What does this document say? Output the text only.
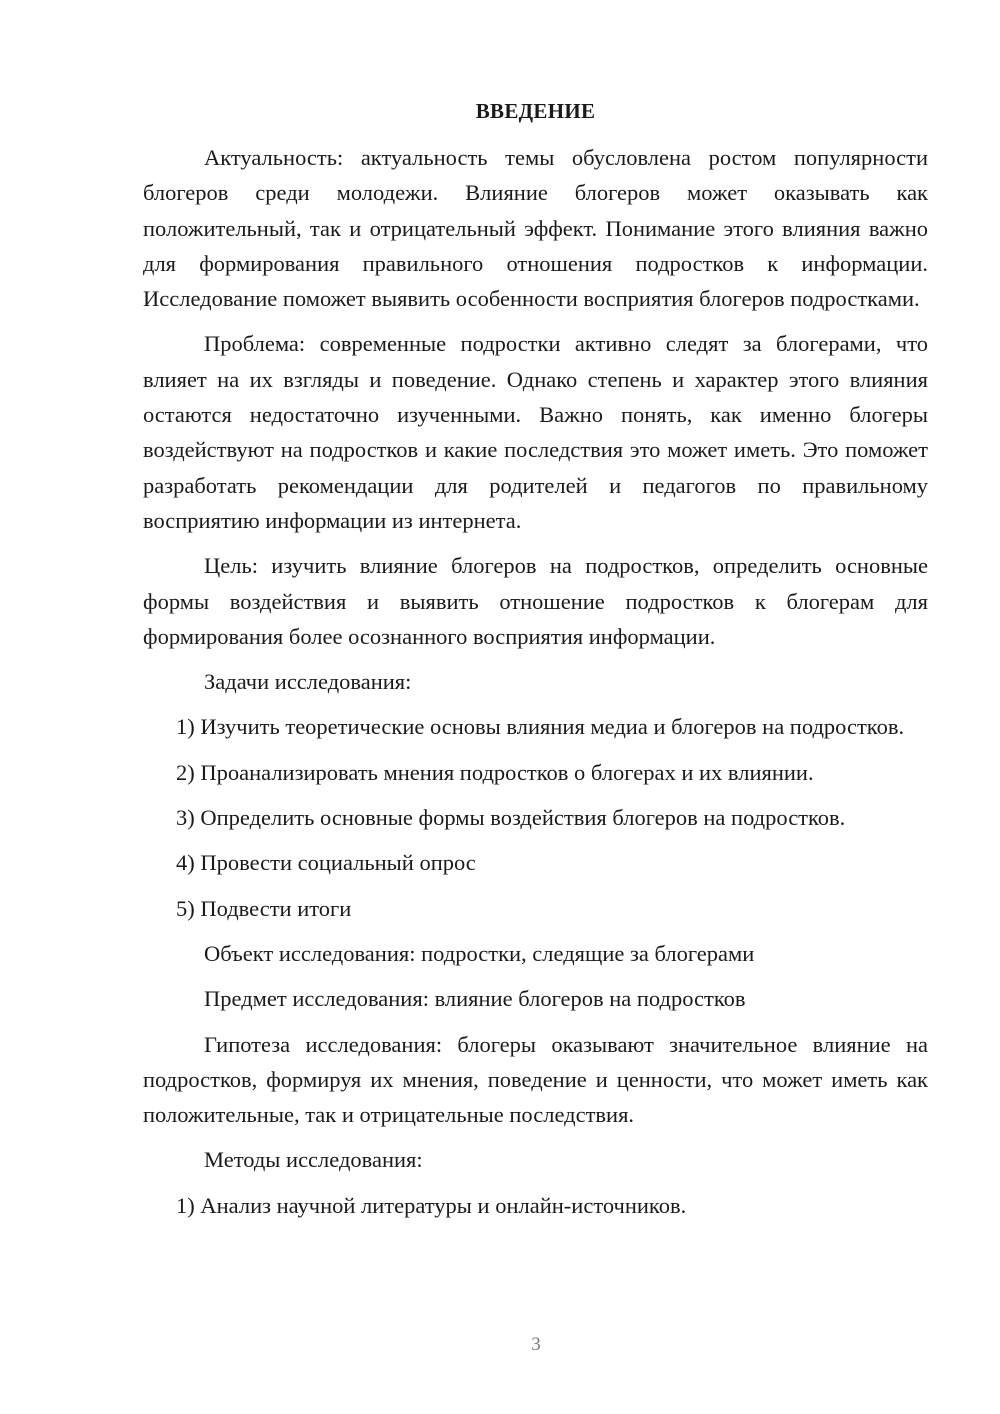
ВВЕДЕНИЕ

Актуальность: актуальность темы обусловлена ростом популярности блогеров среди молодежи. Влияние блогеров может оказывать как положительный, так и отрицательный эффект. Понимание этого влияния важно для формирования правильного отношения подростков к информации. Исследование поможет выявить особенности восприятия блогеров подростками.

Проблема: современные подростки активно следят за блогерами, что влияет на их взгляды и поведение. Однако степень и характер этого влияния остаются недостаточно изученными. Важно понять, как именно блогеры воздействуют на подростков и какие последствия это может иметь. Это поможет разработать рекомендации для родителей и педагогов по правильному восприятию информации из интернета.

Цель: изучить влияние блогеров на подростков, определить основные формы воздействия и выявить отношение подростков к блогерам для формирования более осознанного восприятия информации.

Задачи исследования:

1) Изучить теоретические основы влияния медиа и блогеров на подростков.

2) Проанализировать мнения подростков о блогерах и их влиянии.

3) Определить основные формы воздействия блогеров на подростков.

4) Провести социальный опрос

5) Подвести итоги

Объект исследования: подростки, следящие за блогерами

Предмет исследования: влияние блогеров на подростков

Гипотеза исследования: блогеры оказывают значительное влияние на подростков, формируя их мнения, поведение и ценности, что может иметь как положительные, так и отрицательные последствия.

Методы исследования:

1) Анализ научной литературы и онлайн-источников.

3
